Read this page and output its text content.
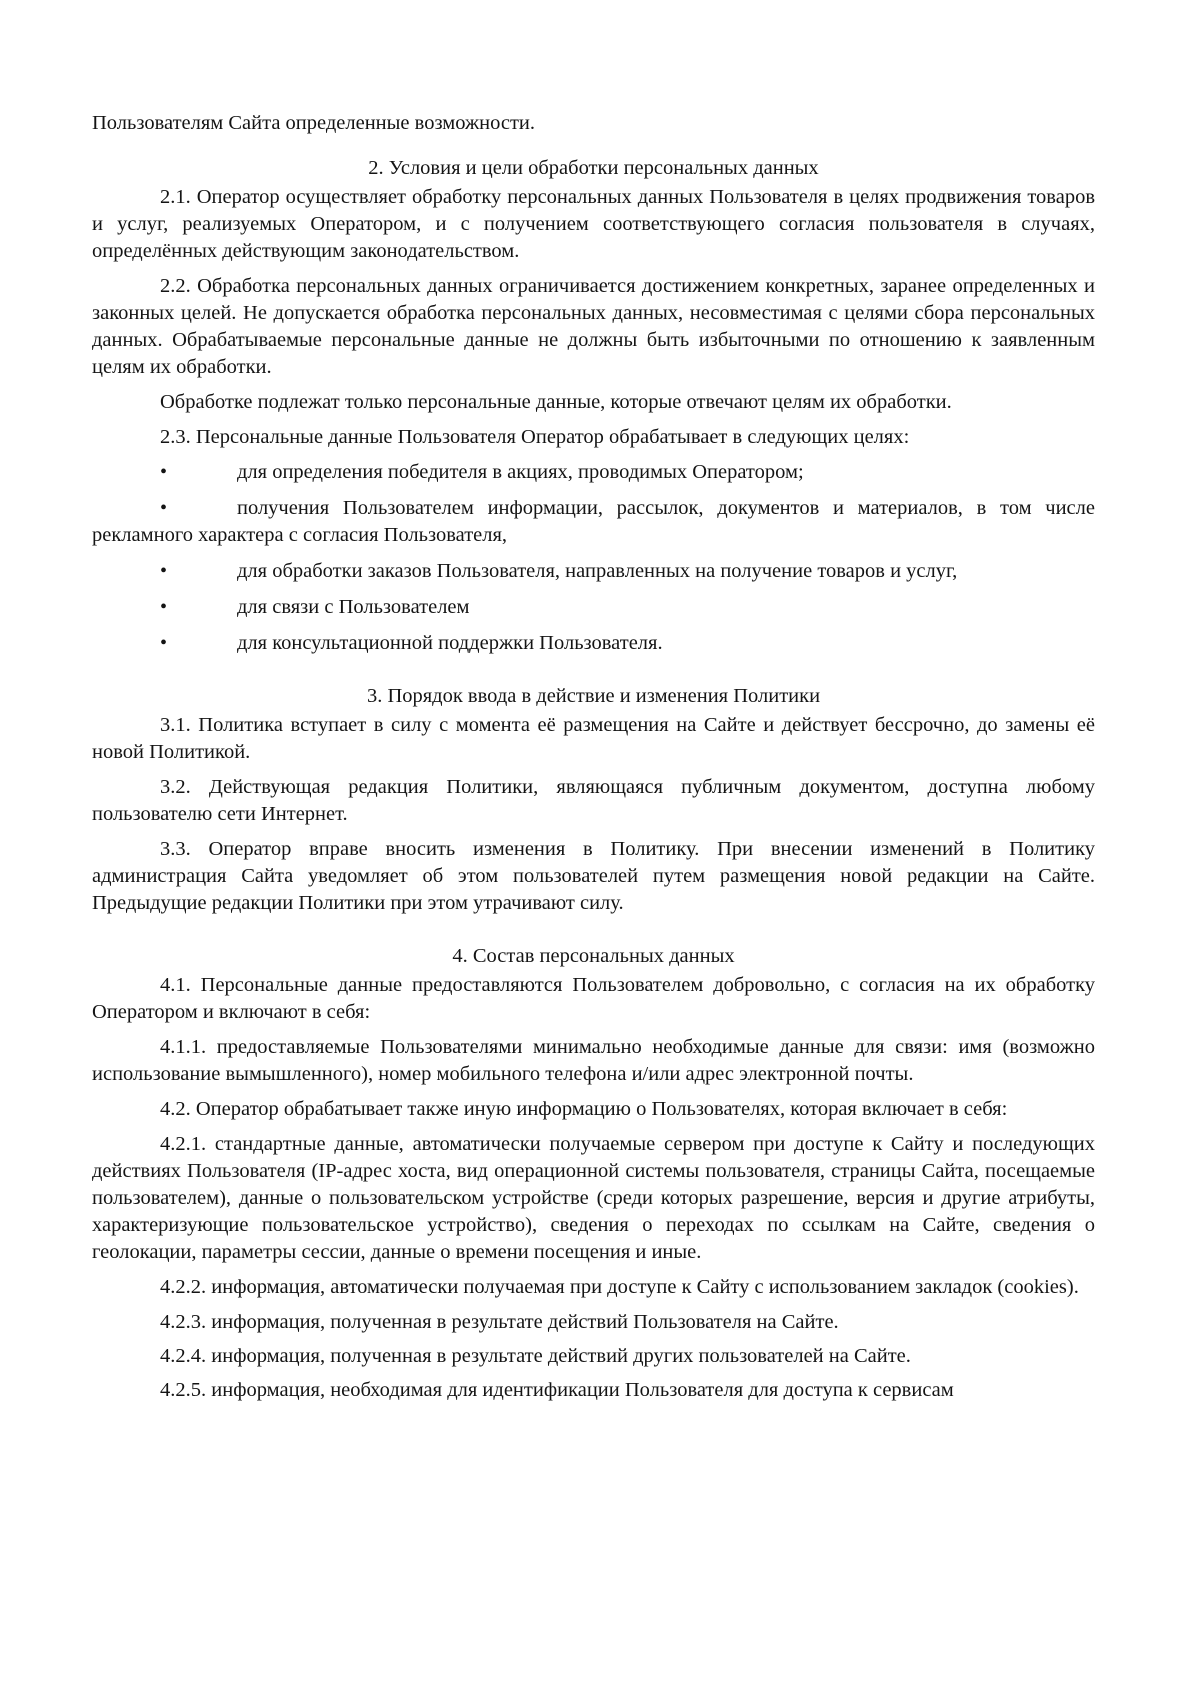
Пользователям Сайта определенные возможности.

2. Условия и цели обработки персональных данных

2.1. Оператор осуществляет обработку персональных данных Пользователя в целях продвижения товаров и услуг, реализуемых Оператором, и с получением соответствующего согласия пользователя в случаях, определённых действующим законодательством.

2.2. Обработка персональных данных ограничивается достижением конкретных, заранее определенных и законных целей. Не допускается обработка персональных данных, несовместимая с целями сбора персональных данных. Обрабатываемые персональные данные не должны быть избыточными по отношению к заявленным целям их обработки.

Обработке подлежат только персональные данные, которые отвечают целям их обработки.

2.3. Персональные данные Пользователя Оператор обрабатывает в следующих целях:

•	для определения победителя в акциях, проводимых Оператором;
•	получения Пользователем информации, рассылок, документов и материалов, в том числе рекламного характера с согласия Пользователя,
•	для обработки заказов Пользователя, направленных на получение товаров и услуг,
•	для связи с Пользователем
•	для консультационной поддержки Пользователя.

3. Порядок ввода в действие и изменения Политики

3.1. Политика вступает в силу с момента её размещения на Сайте и действует бессрочно, до замены её новой Политикой.

3.2. Действующая редакция Политики, являющаяся публичным документом, доступна любому пользователю сети Интернет.

3.3. Оператор вправе вносить изменения в Политику. При внесении изменений в Политику администрация Сайта уведомляет об этом пользователей путем размещения новой редакции на Сайте. Предыдущие редакции Политики при этом утрачивают силу.

4. Состав персональных данных

4.1. Персональные данные предоставляются Пользователем добровольно, с согласия на их обработку Оператором и включают в себя:

4.1.1. предоставляемые Пользователями минимально необходимые данные для связи: имя (возможно использование вымышленного), номер мобильного телефона и/или адрес электронной почты.

4.2. Оператор обрабатывает также иную информацию о Пользователях, которая включает в себя:

4.2.1. стандартные данные, автоматически получаемые сервером при доступе к Сайту и последующих действиях Пользователя (IP-адрес хоста, вид операционной системы пользователя, страницы Сайта, посещаемые пользователем), данные о пользовательском устройстве (среди которых разрешение, версия и другие атрибуты, характеризующие пользовательское устройство), сведения о переходах по ссылкам на Сайте, сведения о геолокации, параметры сессии, данные о времени посещения и иные.

4.2.2. информация, автоматически получаемая при доступе к Сайту с использованием закладок (cookies).

4.2.3. информация, полученная в результате действий Пользователя на Сайте.

4.2.4. информация, полученная в результате действий других пользователей на Сайте.

4.2.5. информация, необходимая для идентификации Пользователя для доступа к сервисам
